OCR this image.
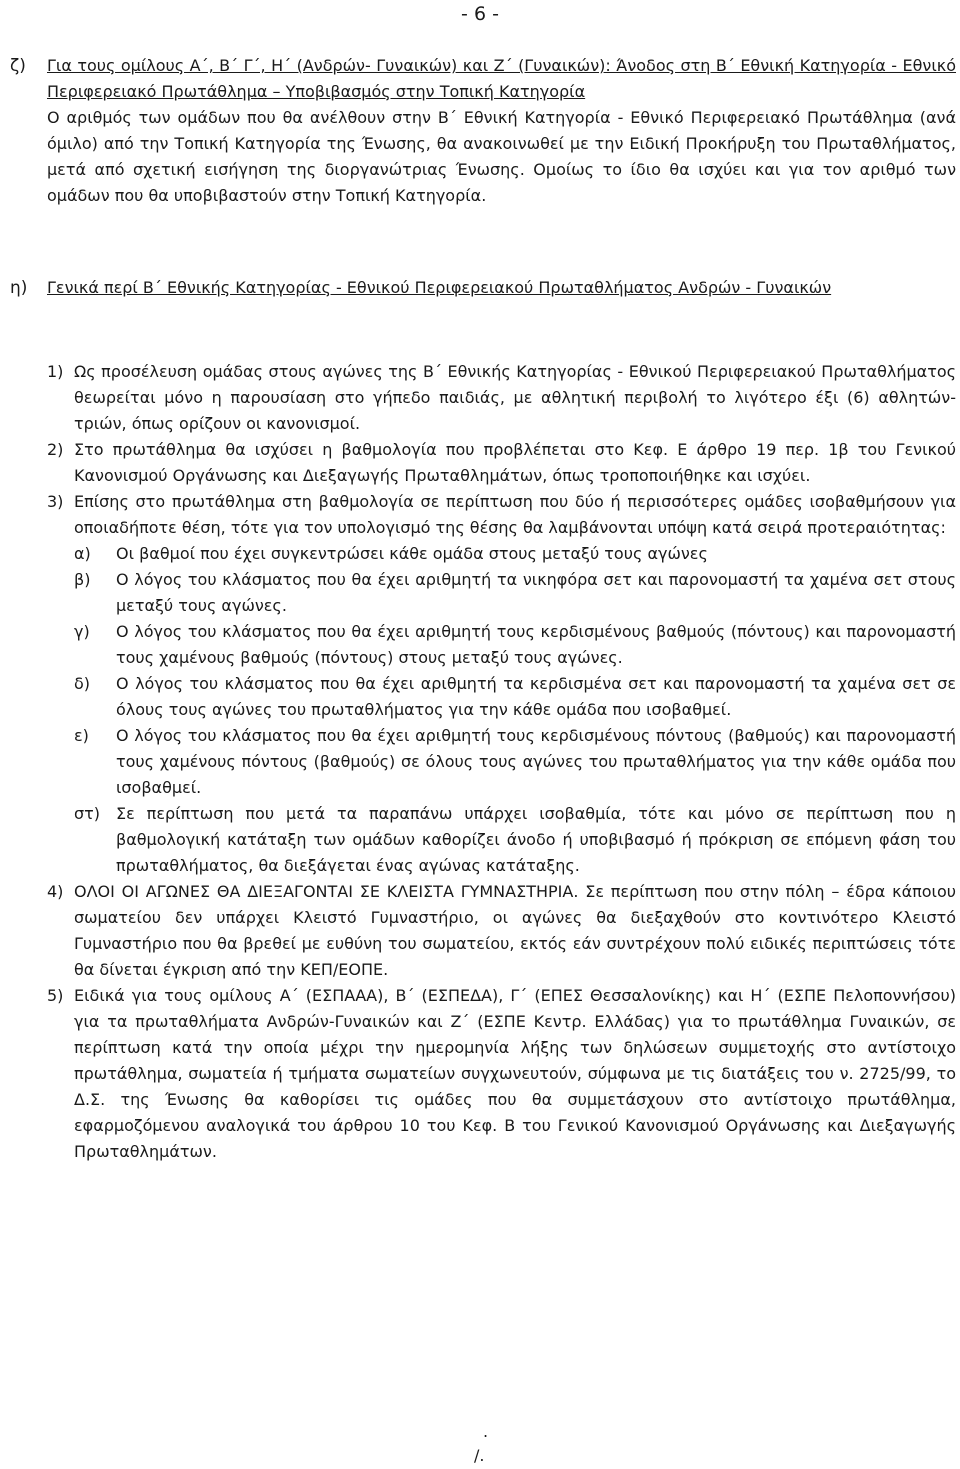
- 6 -
ζ) Για τους ομίλους Α΄, Β΄ Γ΄, Η΄ (Ανδρών- Γυναικών) και Ζ΄ (Γυναικών): Άνοδος στη Β΄ Εθνική Κατηγορία - Εθνικό Περιφερειακό Πρωτάθλημα – Υποβιβασμός στην Τοπική Κατηγορία
Ο αριθμός των ομάδων που θα ανέλθουν στην Β΄ Εθνική Κατηγορία - Εθνικό Περιφερειακό Πρωτάθλημα (ανά όμιλο) από την Τοπική Κατηγορία της Ένωσης, θα ανακοινωθεί με την Ειδική Προκήρυξη του Πρωταθλήματος, μετά από σχετική εισήγηση της διοργανώτριας Ένωσης. Ομοίως το ίδιο θα ισχύει και για τον αριθμό των ομάδων που θα υποβιβαστούν στην Τοπική Κατηγορία.
η) Γενικά περί Β΄ Εθνικής Κατηγορίας - Εθνικού Περιφερειακού Πρωταθλήματος Ανδρών - Γυναικών
1) Ως προσέλευση ομάδας στους αγώνες της Β΄ Εθνικής Κατηγορίας - Εθνικού Περιφερειακού Πρωταθλήματος θεωρείται μόνο η παρουσίαση στο γήπεδο παιδιάς, με αθλητική περιβολή το λιγότερο έξι (6) αθλητών-τριών, όπως ορίζουν οι κανονισμοί.
2) Στο πρωτάθλημα θα ισχύσει η βαθμολογία που προβλέπεται στο Κεφ. Ε άρθρο 19 περ. 1β του Γενικού Κανονισμού Οργάνωσης και Διεξαγωγής Πρωταθλημάτων, όπως τροποποιήθηκε και ισχύει.
3) Επίσης στο πρωτάθλημα στη βαθμολογία σε περίπτωση που δύο ή περισσότερες ομάδες ισοβαθμήσουν για οποιαδήποτε θέση, τότε για τον υπολογισμό της θέσης θα λαμβάνονται υπόψη κατά σειρά προτεραιότητας:
α) Οι βαθμοί που έχει συγκεντρώσει κάθε ομάδα στους μεταξύ τους αγώνες
β) Ο λόγος του κλάσματος που θα έχει αριθμητή τα νικηφόρα σετ και παρονομαστή τα χαμένα σετ στους μεταξύ τους αγώνες.
γ) Ο λόγος του κλάσματος που θα έχει αριθμητή τους κερδισμένους βαθμούς (πόντους) και παρονομαστή τους χαμένους βαθμούς (πόντους) στους μεταξύ τους αγώνες.
δ) Ο λόγος του κλάσματος που θα έχει αριθμητή τα κερδισμένα σετ και παρονομαστή τα χαμένα σετ σε όλους τους αγώνες του πρωταθλήματος για την κάθε ομάδα που ισοβαθμεί.
ε) Ο λόγος του κλάσματος που θα έχει αριθμητή τους κερδισμένους πόντους (βαθμούς) και παρονομαστή τους χαμένους πόντους (βαθμούς) σε όλους τους αγώνες του πρωταθλήματος για την κάθε ομάδα που ισοβαθμεί.
στ) Σε περίπτωση που μετά τα παραπάνω υπάρχει ισοβαθμία, τότε και μόνο σε περίπτωση που η βαθμολογική κατάταξη των ομάδων καθορίζει άνοδο ή υποβιβασμό ή πρόκριση σε επόμενη φάση του πρωταθλήματος, θα διεξάγεται ένας αγώνας κατάταξης.
4) ΟΛΟΙ ΟΙ ΑΓΩΝΕΣ ΘΑ ΔΙΕΞΑΓΟΝΤΑΙ ΣΕ ΚΛΕΙΣΤΑ ΓΥΜΝΑΣΤΗΡΙΑ. Σε περίπτωση που στην πόλη – έδρα κάποιου σωματείου δεν υπάρχει Κλειστό Γυμναστήριο, οι αγώνες θα διεξαχθούν στο κοντινότερο Κλειστό Γυμναστήριο που θα βρεθεί με ευθύνη του σωματείου, εκτός εάν συντρέχουν πολύ ειδικές περιπτώσεις τότε θα δίνεται έγκριση από την ΚΕΠ/ΕΟΠΕ.
5) Ειδικά για τους ομίλους Α΄ (ΕΣΠΑΑΑ), Β΄ (ΕΣΠΕΔΑ), Γ΄ (ΕΠΕΣ Θεσσαλονίκης) και Η΄ (ΕΣΠΕ Πελοποννήσου) για τα πρωταθλήματα Ανδρών-Γυναικών και Ζ΄ (ΕΣΠΕ Κεντρ. Ελλάδας) για το πρωτάθλημα Γυναικών, σε περίπτωση κατά την οποία μέχρι την ημερομηνία λήξης των δηλώσεων συμμετοχής στο αντίστοιχο πρωτάθλημα, σωματεία ή τμήματα σωματείων συγχωνευτούν, σύμφωνα με τις διατάξεις του ν. 2725/99, το Δ.Σ. της Ένωσης θα καθορίσει τις ομάδες που θα συμμετάσχουν στο αντίστοιχο πρωτάθλημα, εφαρμοζόμενου αναλογικά του άρθρου 10 του Κεφ. Β του Γενικού Κανονισμού Οργάνωσης και Διεξαγωγής Πρωταθλημάτων.
.
/.
